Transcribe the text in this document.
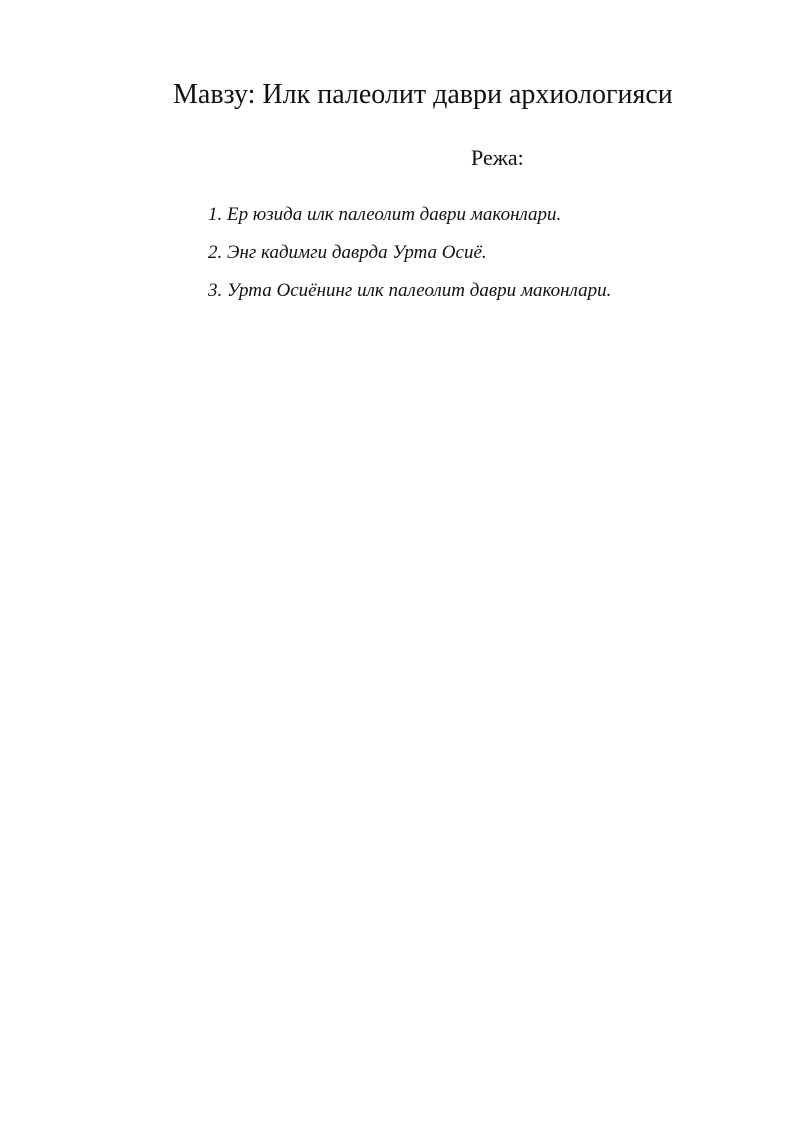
Мавзу: Илк палеолит даври архиологияси
Режа:
1. Ер юзида илк палеолит даври маконлари.
2. Энг кадимги даврда Урта Осиё.
3. Урта Осиёнинг илк палеолит даври маконлари.
